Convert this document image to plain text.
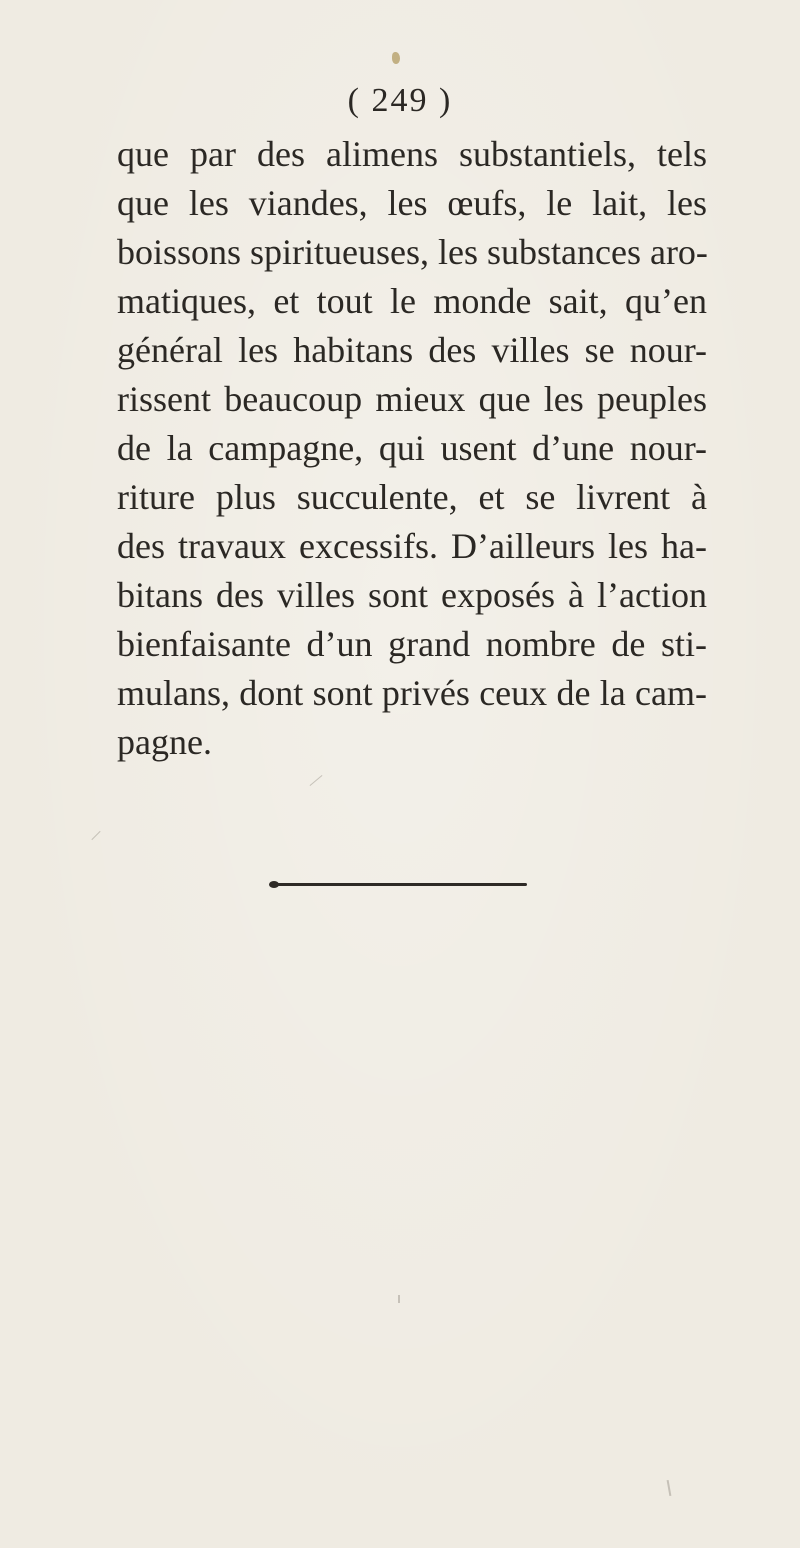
( 249 )
que par des alimens substantiels, tels
que les viandes, les œufs, le lait, les
boissons spiritueuses, les substances aro-
matiques, et tout le monde sait, qu’en
général les habitans des villes se nour-
rissent beaucoup mieux que les peuples
de la campagne, qui usent d’une nour-
riture plus succulente, et se livrent à
des travaux excessifs. D’ailleurs les ha-
bitans des villes sont exposés à l’action
bienfaisante d’un grand nombre de sti-
mulans, dont sont privés ceux de la cam-
pagne.
